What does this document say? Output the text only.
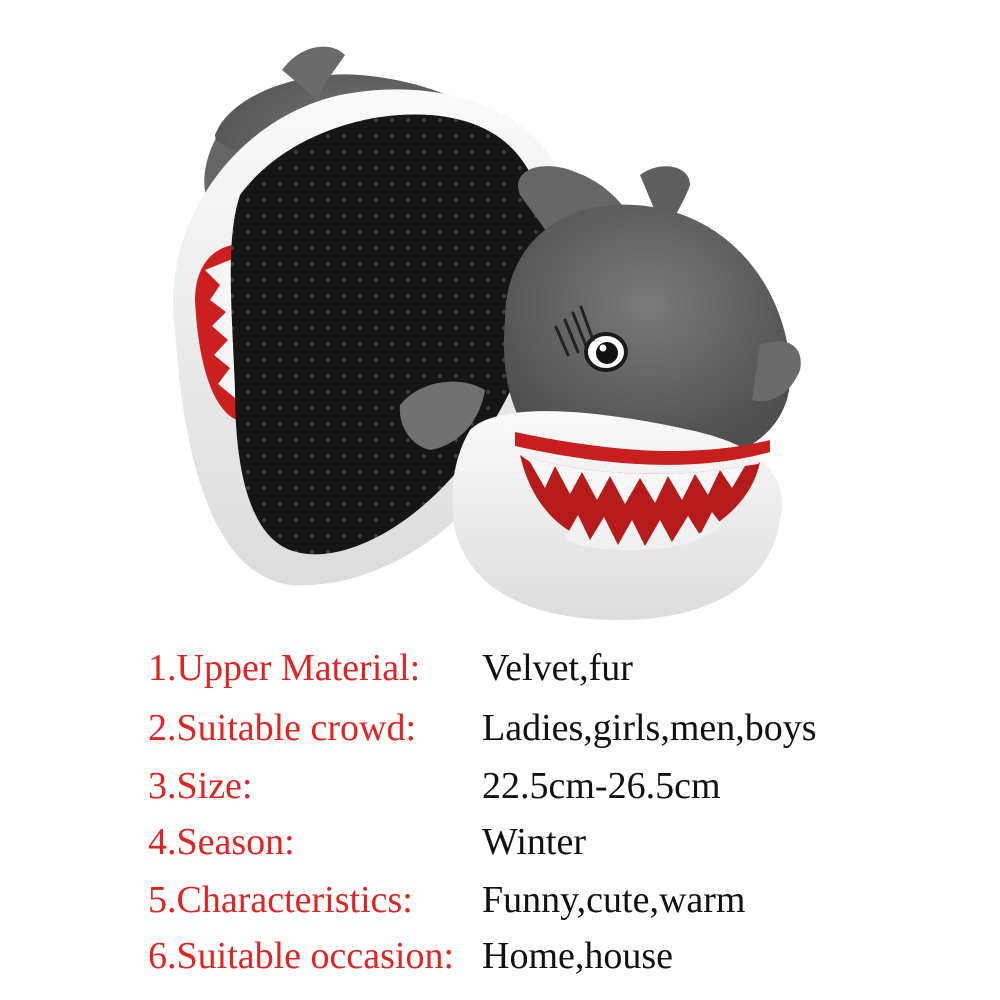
1.Upper Material: Velvet,fur
2.Suitable crowd: Ladies,girls,men,boys
3.Size:	22.5cm-26.5cm
4.Season:	Winter
5.Characteristics: Funny,cute,warm
6.Suitable occasion: Home,house
